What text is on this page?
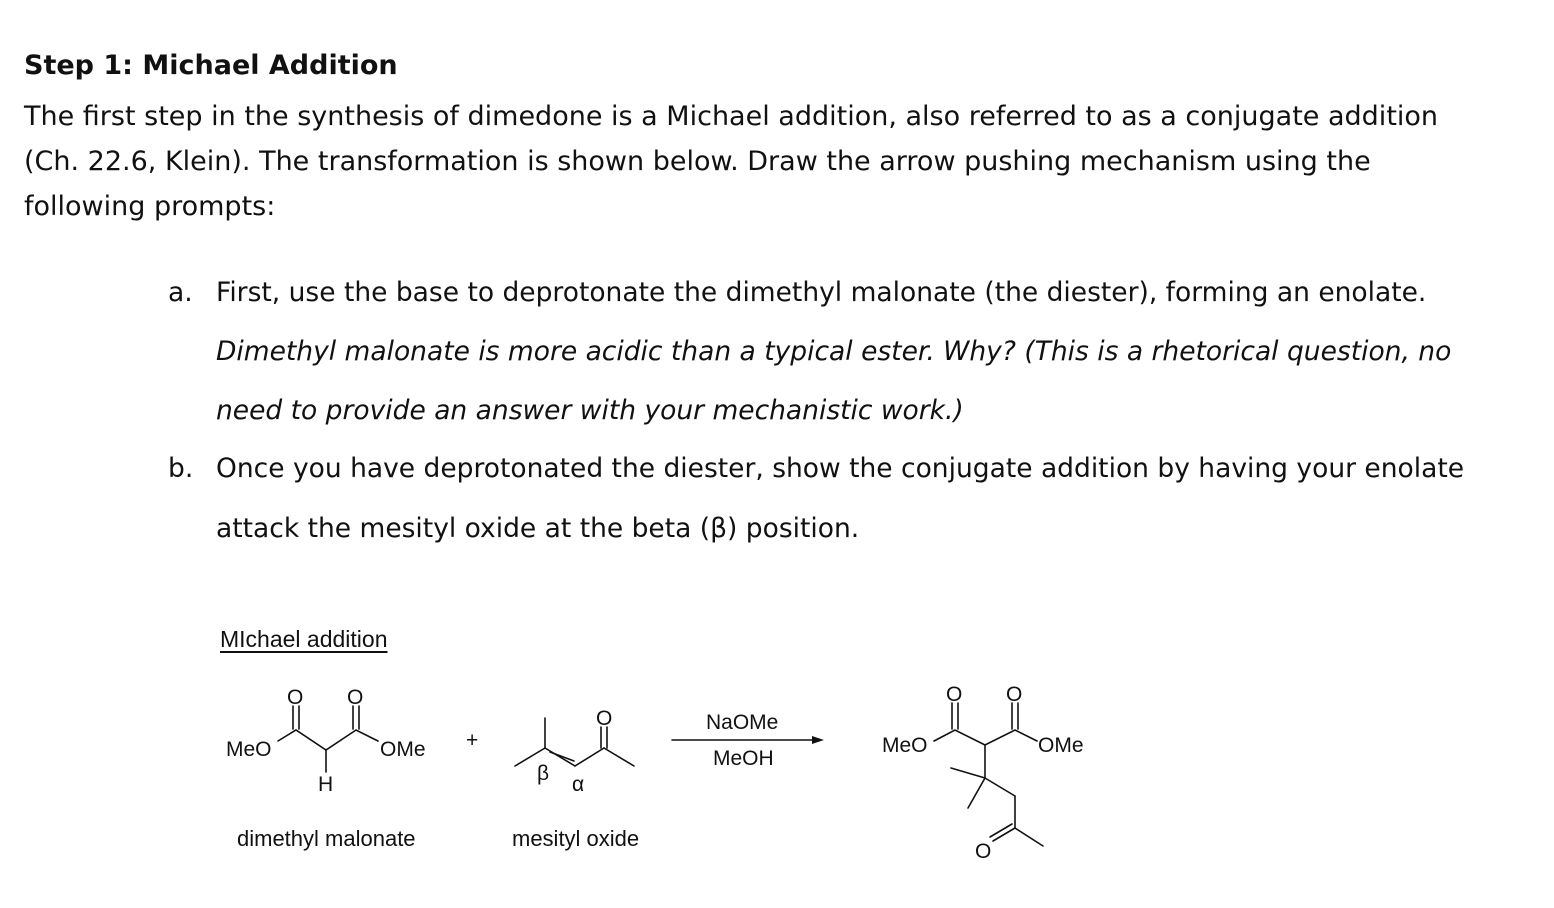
Step 1: Michael Addition

The first step in the synthesis of dimedone is a Michael addition, also referred to as a conjugate addition (Ch. 22.6, Klein). The transformation is shown below. Draw the arrow pushing mechanism using the following prompts:

a. First, use the base to deprotonate the dimethyl malonate (the diester), forming an enolate.
Dimethyl malonate is more acidic than a typical ester. Why? (This is a rhetorical question, no
need to provide an answer with your mechanistic work.)
b. Once you have deprotonated the diester, show the conjugate addition by having your enolate
attack the mesityl oxide at the beta (β) position.
MIchael addition
MeO	OMe
O O
H
dimethyl malonate
+
O
β α
mesityl oxide
NaOMe
MeOH
MeO	OMe
O O
O
